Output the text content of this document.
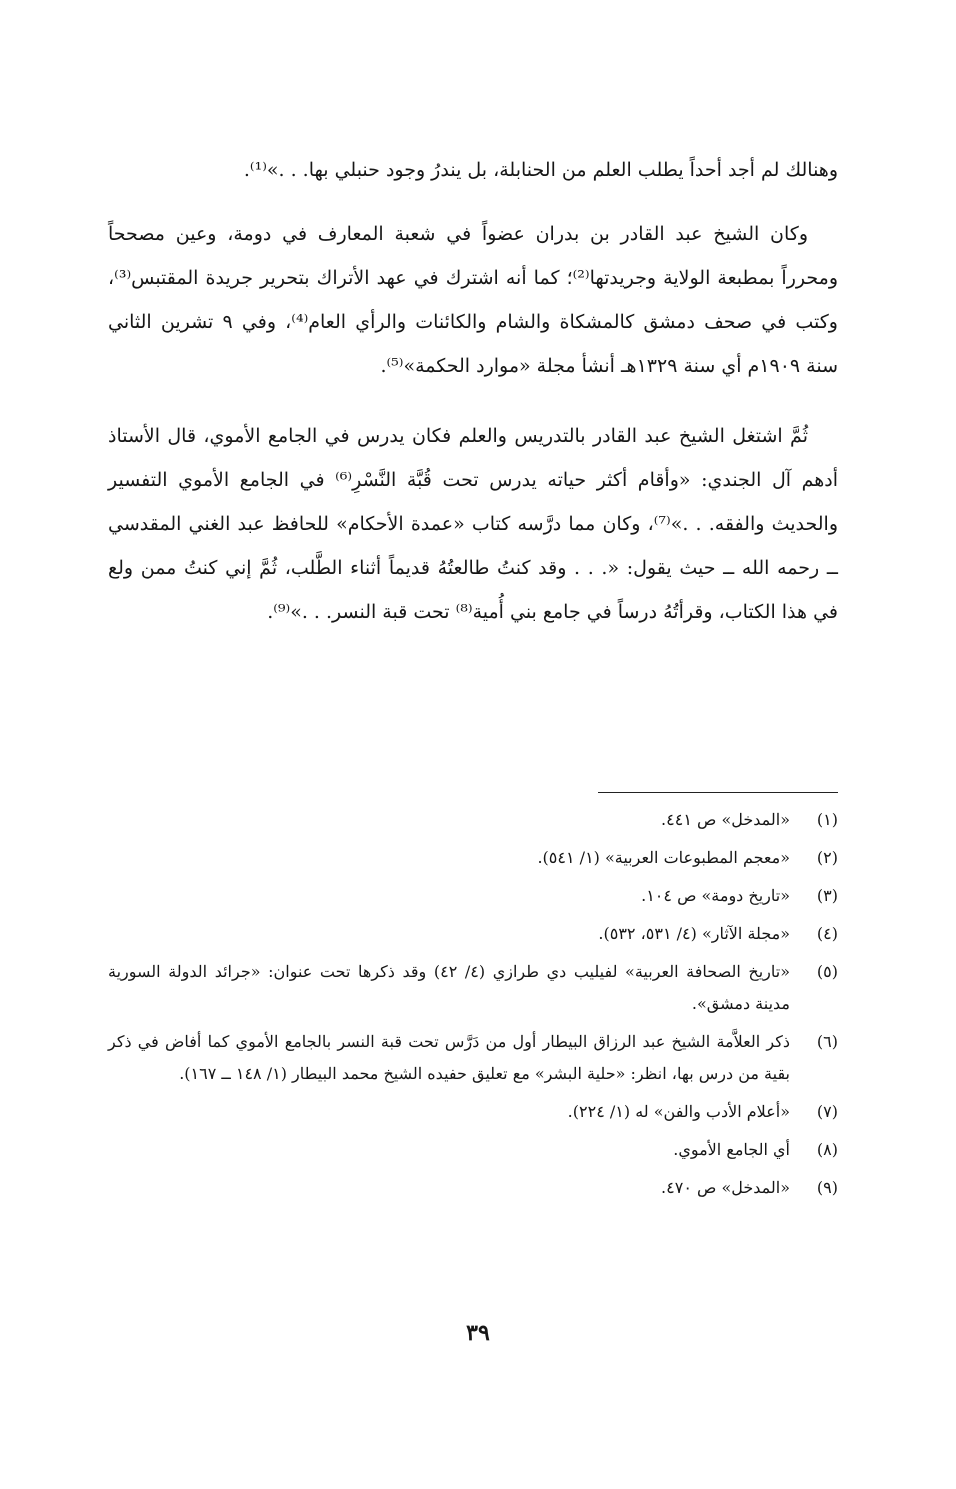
وهنالك لم أجد أحداً يطلب العلم من الحنابلة، بل يندرُ وجود حنبلي بها. . .»⁽¹⁾.

وكان الشيخ عبد القادر بن بدران عضواً في شعبة المعارف في دومة، وعين مصححاً ومحرراً بمطبعة الولاية وجريدتها⁽²⁾؛ كما أنه اشترك في عهد الأتراك بتحرير جريدة المقتبس⁽³⁾، وكتب في صحف دمشق كالمشكاة والشام والكائنات والرأي العام⁽⁴⁾، وفي ٩ تشرين الثاني سنة ١٩٠٩م أي سنة ١٣٢٩هـ أنشأ مجلة «موارد الحكمة»⁽⁵⁾.

ثُمَّ اشتغل الشيخ عبد القادر بالتدريس والعلم فكان يدرس في الجامع الأموي، قال الأستاذ أدهم آل الجندي: «وأقام أكثر حياته يدرس تحت قُبَّة النَّسْرِ⁽⁶⁾ في الجامع الأموي التفسير والحديث والفقه. . .»⁽⁷⁾، وكان مما درَّسه كتاب «عمدة الأحكام» للحافظ عبد الغني المقدسي ــ رحمه الله ــ حيث يقول: «. . . وقد كنتُ طالعتُهُ قديماً أثناء الطَّلب، ثُمَّ إني كنتُ ممن ولع في هذا الكتاب، وقرأتُهُ درساً في جامع بني أُمية⁽⁸⁾ تحت قبة النسر. . .»⁽⁹⁾.

(١)
«المدخل» ص ٤٤١.
(٢)
«معجم المطبوعات العربية» (١/ ٥٤١).
(٣)
«تاريخ دومة» ص ١٠٤.
(٤)
«مجلة الآثار» (٤/ ٥٣١، ٥٣٢).
(٥)
«تاريخ الصحافة العربية» لفيليب دي طرازي (٤/ ٤٢) وقد ذكرها تحت عنوان: «جرائد الدولة السورية مدينة دمشق».
(٦)
ذكر العلاَّمة الشيخ عبد الرزاق البيطار أول من دَرَّس تحت قبة النسر بالجامع الأموي كما أفاض في ذكر بقية من درس بها، انظر: «حلية البشر» مع تعليق حفيده الشيخ محمد البيطار (١/ ١٤٨ ــ ١٦٧).
(٧)
«أعلام الأدب والفن» له (١/ ٢٢٤).
(٨)
أي الجامع الأموي.
(٩)
«المدخل» ص ٤٧٠.
٣٩
